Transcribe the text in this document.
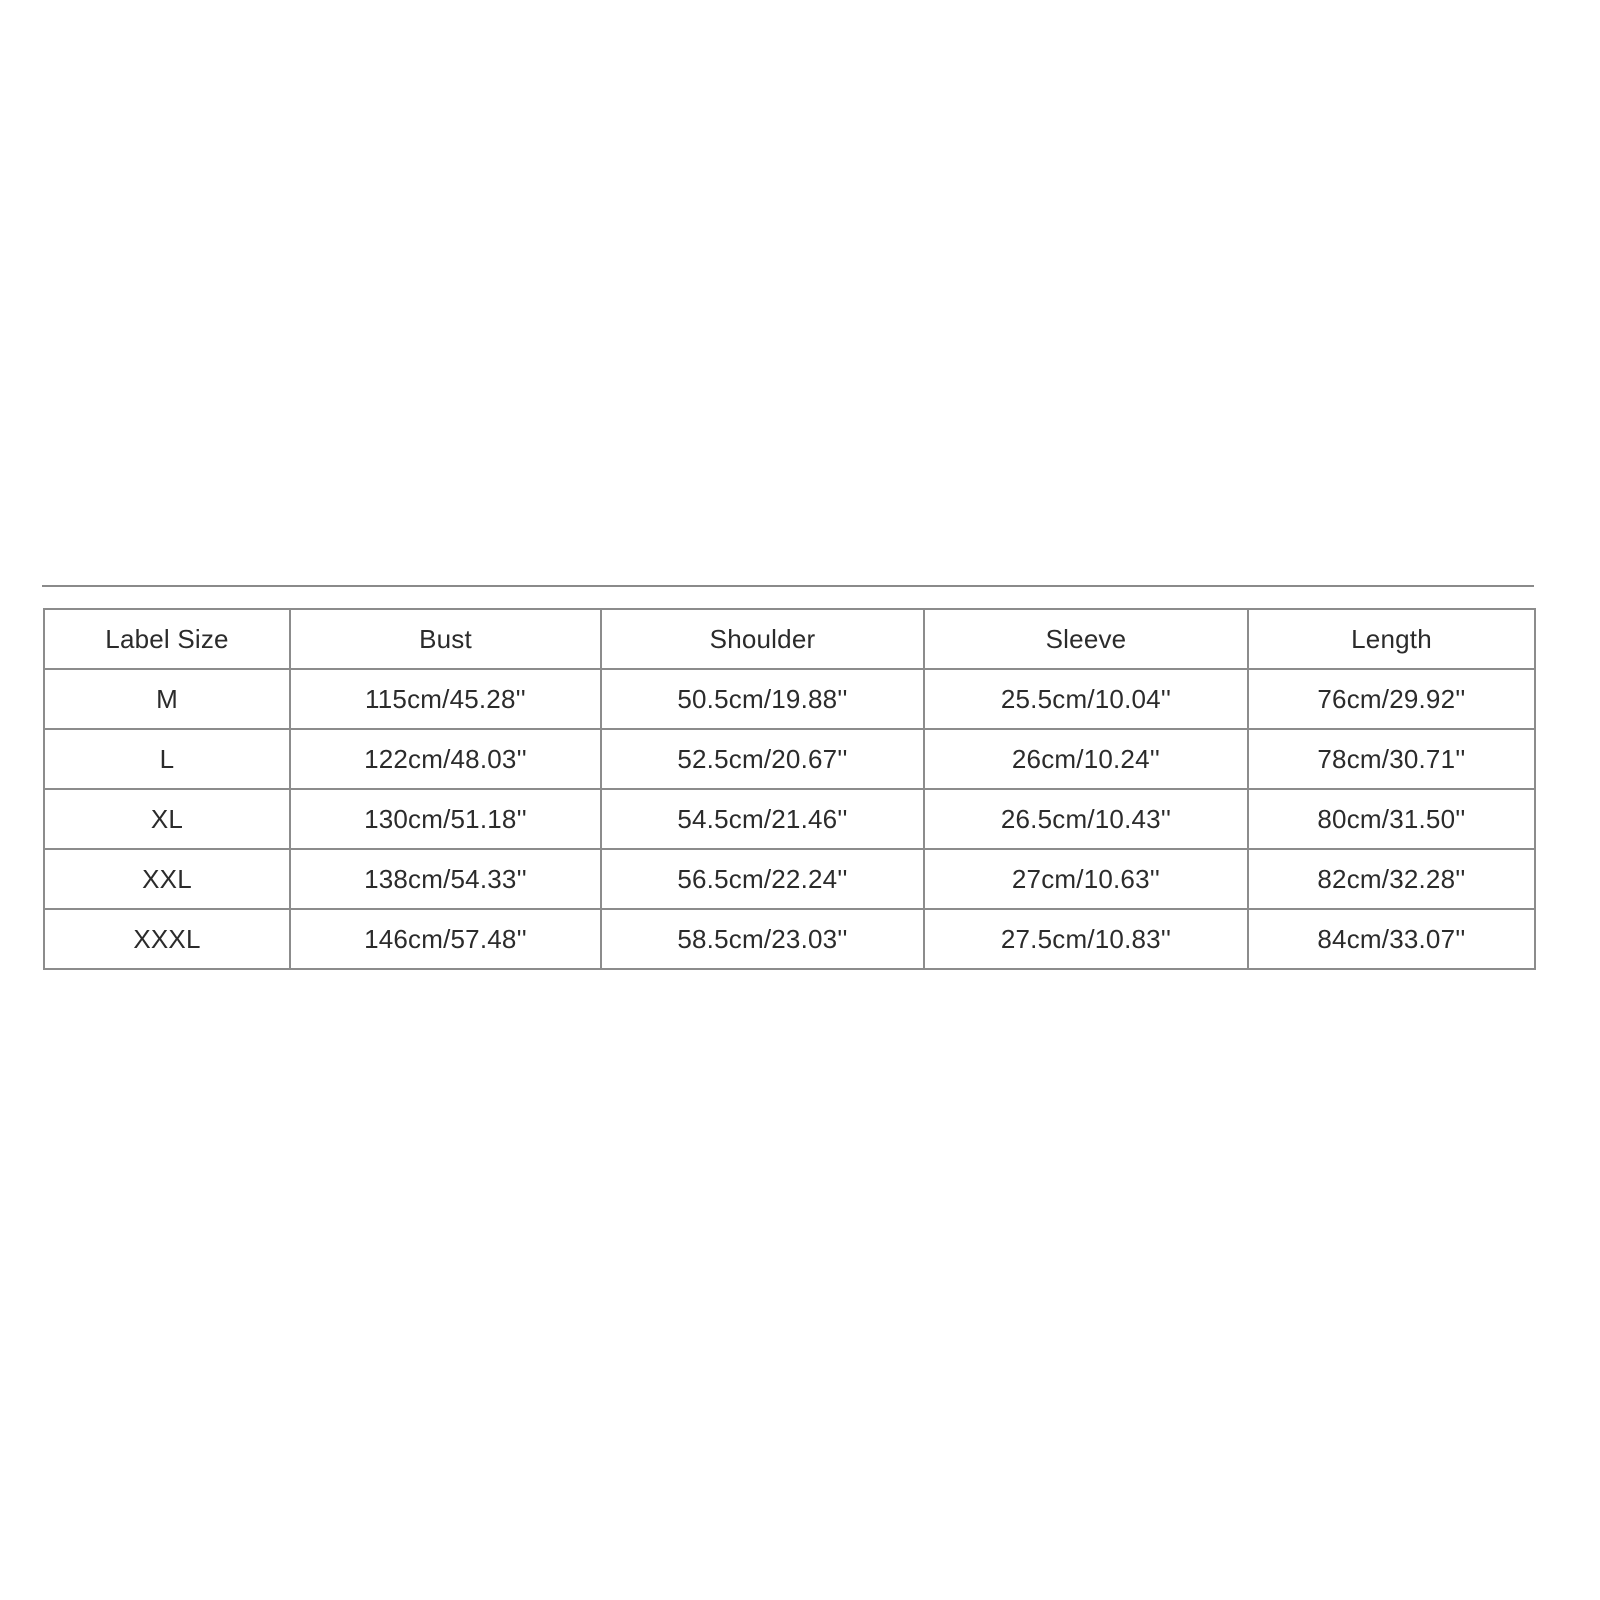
Label Size	Bust	Shoulder	Sleeve	Length
M	115cm/45.28''	50.5cm/19.88''	25.5cm/10.04''	76cm/29.92''
L	122cm/48.03''	52.5cm/20.67''	26cm/10.24''	78cm/30.71''
XL	130cm/51.18''	54.5cm/21.46''	26.5cm/10.43''	80cm/31.50''
XXL	138cm/54.33''	56.5cm/22.24''	27cm/10.63''	82cm/32.28''
XXXL	146cm/57.48''	58.5cm/23.03''	27.5cm/10.83''	84cm/33.07''
